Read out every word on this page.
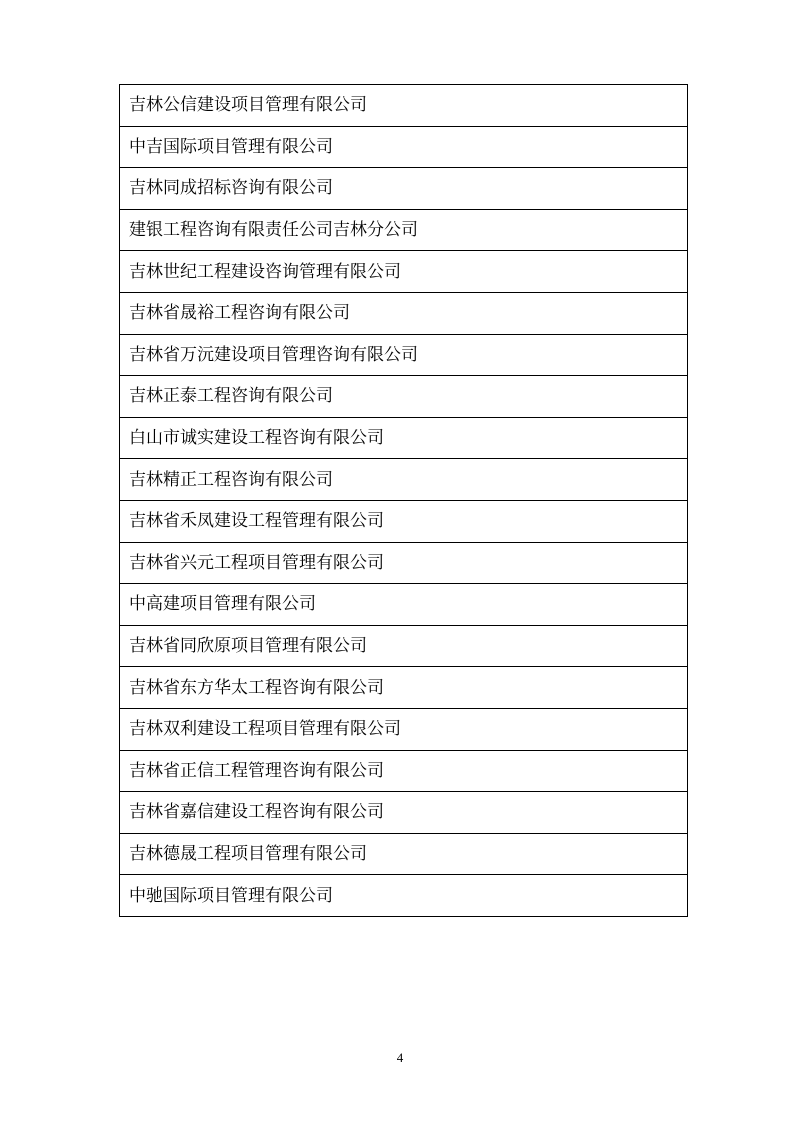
吉林公信建设项目管理有限公司
中吉国际项目管理有限公司
吉林同成招标咨询有限公司
建银工程咨询有限责任公司吉林分公司
吉林世纪工程建设咨询管理有限公司
吉林省晟裕工程咨询有限公司
吉林省万沅建设项目管理咨询有限公司
吉林正泰工程咨询有限公司
白山市诚实建设工程咨询有限公司
吉林精正工程咨询有限公司
吉林省禾凤建设工程管理有限公司
吉林省兴元工程项目管理有限公司
中高建项目管理有限公司
吉林省同欣原项目管理有限公司
吉林省东方华太工程咨询有限公司
吉林双利建设工程项目管理有限公司
吉林省正信工程管理咨询有限公司
吉林省嘉信建设工程咨询有限公司
吉林德晟工程项目管理有限公司
中驰国际项目管理有限公司
4
